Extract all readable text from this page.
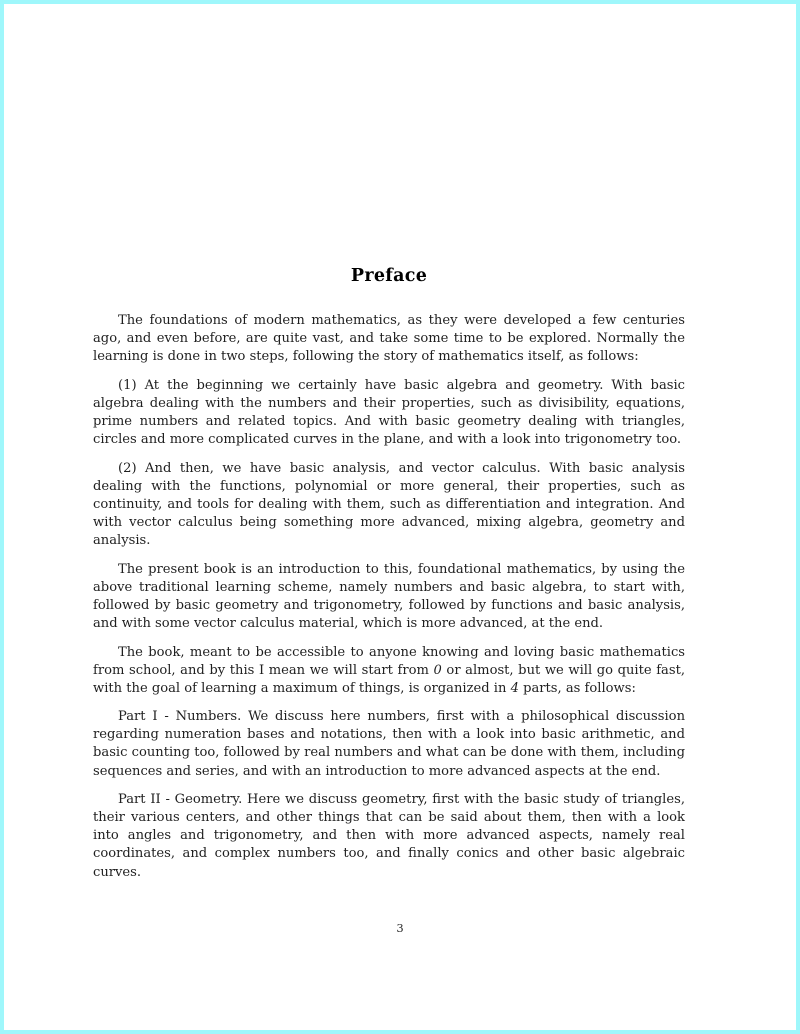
Preface

The foundations of modern mathematics, as they were developed a few centuries ago, and even before, are quite vast, and take some time to be explored. Normally the learning is done in two steps, following the story of mathematics itself, as follows:

(1) At the beginning we certainly have basic algebra and geometry. With basic algebra dealing with the numbers and their properties, such as divisibility, equations, prime numbers and related topics. And with basic geometry dealing with triangles, circles and more complicated curves in the plane, and with a look into trigonometry too.

(2) And then, we have basic analysis, and vector calculus. With basic analysis dealing with the functions, polynomial or more general, their properties, such as continuity, and tools for dealing with them, such as differentiation and integration. And with vector calculus being something more advanced, mixing algebra, geometry and analysis.

The present book is an introduction to this, foundational mathematics, by using the above traditional learning scheme, namely numbers and basic algebra, to start with, followed by basic geometry and trigonometry, followed by functions and basic analysis, and with some vector calculus material, which is more advanced, at the end.

The book, meant to be accessible to anyone knowing and loving basic mathematics from school, and by this I mean we will start from 0 or almost, but we will go quite fast, with the goal of learning a maximum of things, is organized in 4 parts, as follows:

Part I - Numbers. We discuss here numbers, first with a philosophical discussion regarding numeration bases and notations, then with a look into basic arithmetic, and basic counting too, followed by real numbers and what can be done with them, including sequences and series, and with an introduction to more advanced aspects at the end.

Part II - Geometry. Here we discuss geometry, first with the basic study of triangles, their various centers, and other things that can be said about them, then with a look into angles and trigonometry, and then with more advanced aspects, namely real coordinates, and complex numbers too, and finally conics and other basic algebraic curves.

3
